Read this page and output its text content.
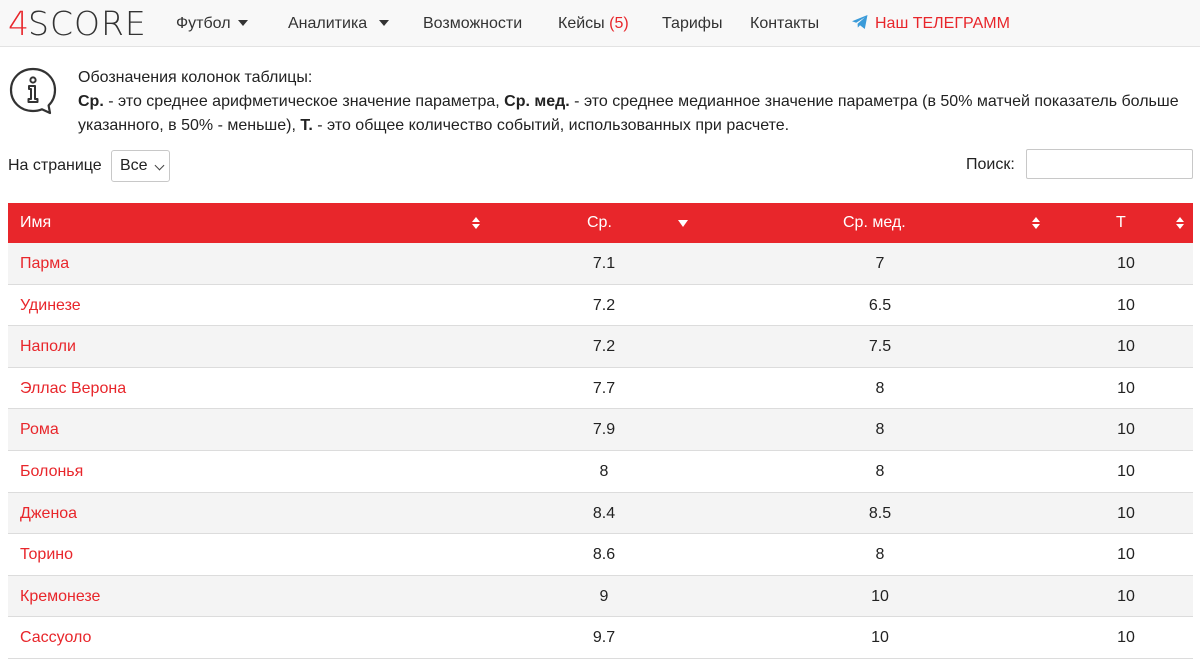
4 SCORE Футбол	Аналитика	Возможности Кейсы (5) Тарифы Контакты	Наш ТЕЛЕГРАММ
Обозначения колонок таблицы:
Ср. - это среднее арифметическое значение параметра, Ср. мед. - это среднее медианное значение параметра (в 50% матчей показатель больше указанного, в 50% - меньше), Т. - это общее количество событий, использованных при расчете.
На странице	Все	Поиск:
Имя	Ср.	Ср. мед.	Т
Парма	7.1	7	10
Удинезе	7.2	6.5	10
Наполи	7.2	7.5	10
Эллас Верона	7.7	8	10
Рома	7.9	8	10
Болонья	8	8	10
Дженоа	8.4	8.5	10
Торино	8.6	8	10
Кремонезе	9	10	10
Сассуоло	9.7	10	10
